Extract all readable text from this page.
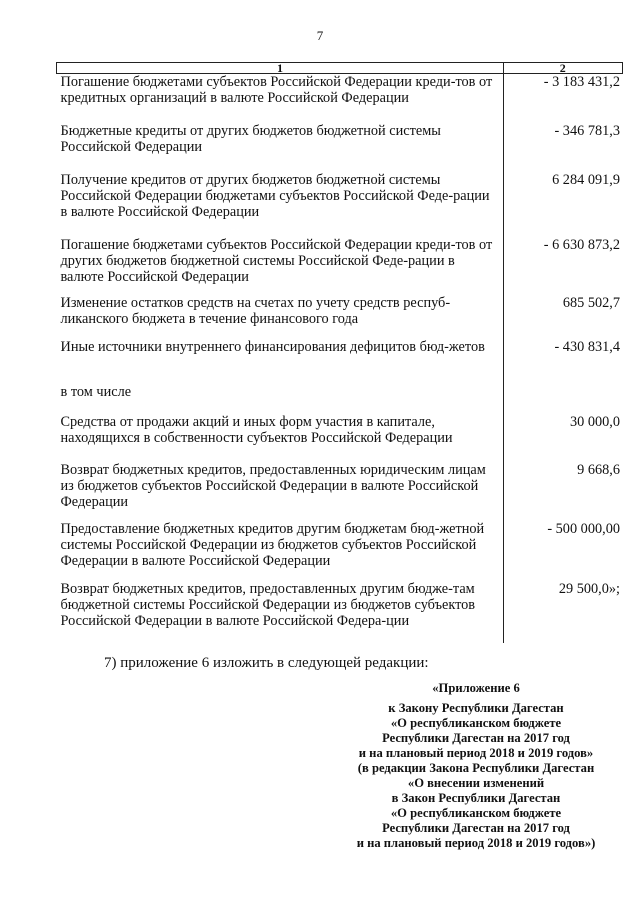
7
1	2
Погашение бюджетами субъектов Российской Федерации креди-тов от кредитных организаций в валюте Российской Федерации	- 3 183 431,2
Бюджетные кредиты от других бюджетов бюджетной системы Российской Федерации	- 346 781,3
Получение кредитов от других бюджетов бюджетной системы Российской Федерации бюджетами субъектов Российской Феде-рации в валюте Российской Федерации	6 284 091,9
Погашение бюджетами субъектов Российской Федерации креди-тов от других бюджетов бюджетной системы Российской Феде-рации в валюте Российской Федерации	- 6 630 873,2
Изменение остатков средств на счетах по учету средств респуб-ликанского бюджета в течение финансового года	685 502,7
Иные источники внутреннего финансирования дефицитов бюд-жетов	- 430 831,4
в том числе	
Средства от продажи акций и иных форм участия в капитале, находящихся в собственности субъектов Российской Федерации	30 000,0
Возврат бюджетных кредитов, предоставленных юридическим лицам из бюджетов субъектов Российской Федерации в валюте Российской Федерации	9 668,6
Предоставление бюджетных кредитов другим бюджетам бюд-жетной системы Российской Федерации из бюджетов субъектов Российской Федерации в валюте Российской Федерации	- 500 000,00
Возврат бюджетных кредитов, предоставленных другим бюдже-там бюджетной системы Российской Федерации из бюджетов субъектов Российской Федерации в валюте Российской Федера-ции	29 500,0»;
7) приложение 6 изложить в следующей редакции:
«Приложение 6
к Закону Республики Дагестан
«О республиканском бюджете
Республики Дагестан на 2017 год
и на плановый период 2018 и 2019 годов»
(в редакции Закона Республики Дагестан
«О внесении изменений
в Закон Республики Дагестан
«О республиканском бюджете
Республики Дагестан на 2017 год
и на плановый период 2018 и 2019 годов»)
